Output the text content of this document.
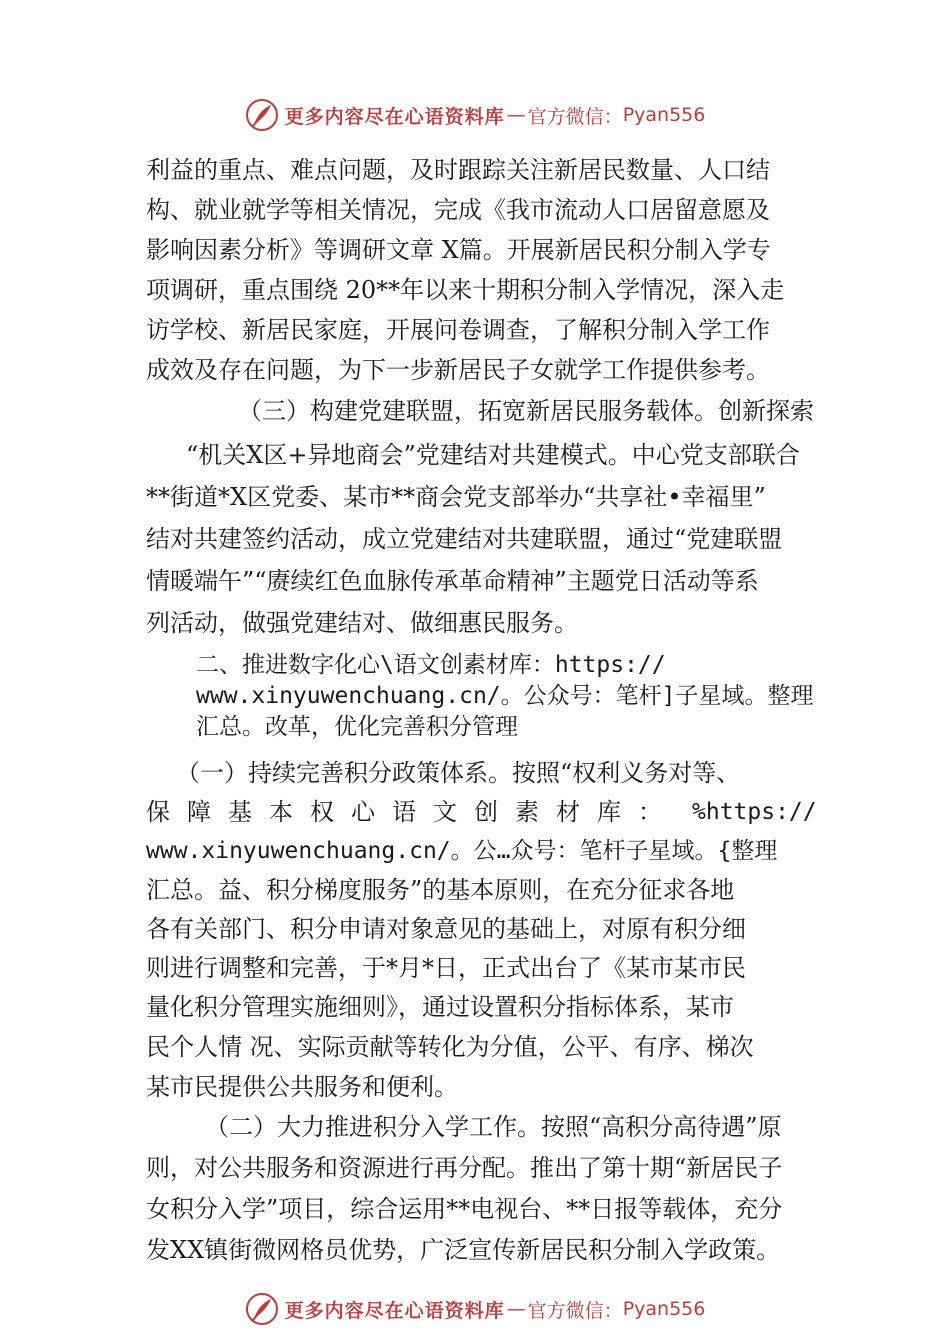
更多内容尽在心语资料库 — 官方微信： Pyan556
利益的重点、难点问题，及时跟踪关注新居民数量、人口结
构、就业就学等相关情况，完成《我市流动人口居留意愿及
影响因素分析》等调研文章 X篇。开展新居民积分制入学专
项调研，重点围绕 20**年以来十期积分制入学情况，深入走
访学校、新居民家庭，开展问卷调查，了解积分制入学工作
成效及存在问题，为下一步新居民子女就学工作提供参考。
（三）构建党建联盟，拓宽新居民服务载体。创新探索
“机关X区+异地商会”党建结对共建模式。中心党支部联合
**街道*X区党委、某市**商会党支部举办“共享社•幸福里”
结对共建签约活动，成立党建结对共建联盟，通过“党建联盟
情暖端午”“赓续红色血脉传承革命精神”主题党日活动等系
列活动，做强党建结对、做细惠民服务。
二、推进数字化心\语文创素材库：https://
www.xinyuwenchuang.cn/。公众号：笔杆]子星域。整理
汇总。改革，优化完善积分管理
（一）持续完善积分政策体系。按照“权利义务对等、
保障基本权心语文创素材库： %https://
www.xinyuwenchuang.cn/。公…众号：笔杆子星域。{整理
汇总。益、积分梯度服务”的基本原则，在充分征求各地
各有关部门、积分申请对象意见的基础上，对原有积分细
则进行调整和完善，于*月*日，正式出台了《某市某市民
量化积分管理实施细则》，通过设置积分指标体系，某市
民个人情 况、实际贡献等转化为分值，公平、有序、梯次
某市民提供公共服务和便利。
（二）大力推进积分入学工作。按照“高积分高待遇”原
则，对公共服务和资源进行再分配。推出了第十期“新居民子
女积分入学”项目，综合运用**电视台、**日报等载体，充分
发XX镇街微网格员优势，广泛宣传新居民积分制入学政策。
更多内容尽在心语资料库 — 官方微信： Pyan556
